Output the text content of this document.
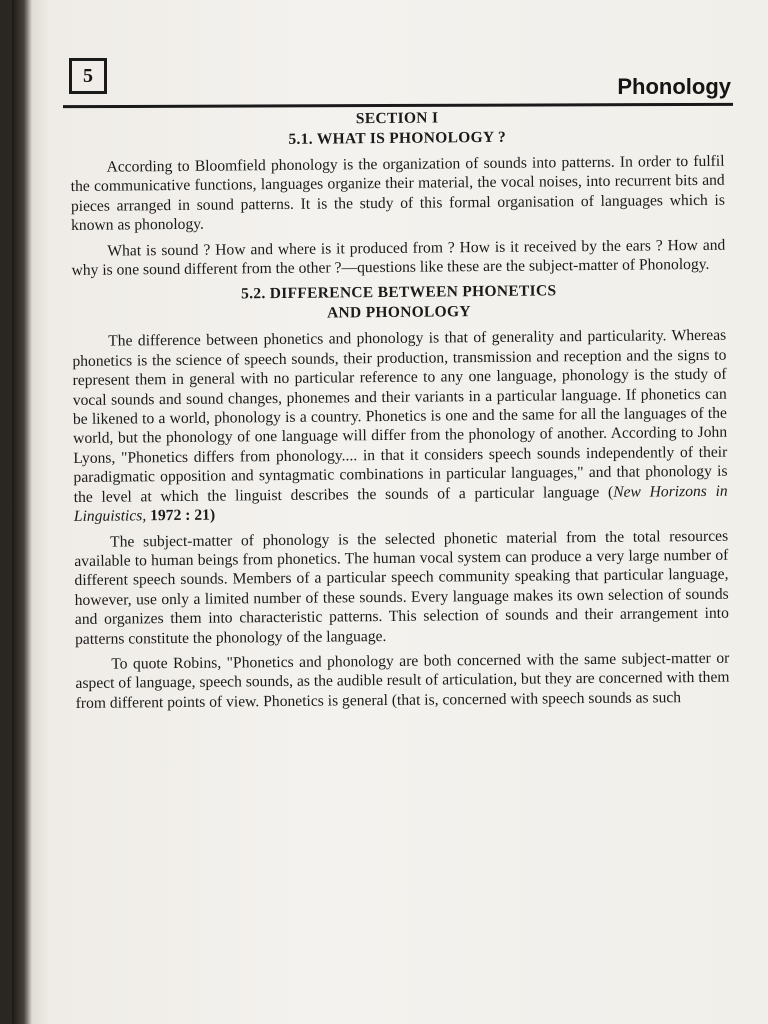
5	Phonology
SECTION I
5.1. WHAT IS PHONOLOGY ?

According to Bloomfield phonology is the organization of sounds into patterns. In order to fulfil the communicative functions, languages organize their material, the vocal noises, into recurrent bits and pieces arranged in sound patterns. It is the study of this formal organisation of languages which is known as phonology.

What is sound ? How and where is it produced from ? How is it received by the ears ? How and why is one sound different from the other ?—questions like these are the subject-matter of Phonology.

5.2. DIFFERENCE BETWEEN PHONETICS
AND PHONOLOGY

The difference between phonetics and phonology is that of generality and particularity. Whereas phonetics is the science of speech sounds, their production, transmission and reception and the signs to represent them in general with no particular reference to any one language, phonology is the study of vocal sounds and sound changes, phonemes and their variants in a particular language. If phonetics can be likened to a world, phonology is a country. Phonetics is one and the same for all the languages of the world, but the phonology of one language will differ from the phonology of another. According to John Lyons, "Phonetics differs from phonology.... in that it considers speech sounds independently of their paradigmatic opposition and syntagmatic combinations in particular languages," and that phonology is the level at which the linguist describes the sounds of a particular language (New Horizons in Linguistics, 1972 : 21)

The subject-matter of phonology is the selected phonetic material from the total resources available to human beings from phonetics. The human vocal system can produce a very large number of different speech sounds. Members of a particular speech community speaking that particular language, however, use only a limited number of these sounds. Every language makes its own selection of sounds and organizes them into characteristic patterns. This selection of sounds and their arrangement into patterns constitute the phonology of the language.

To quote Robins, "Phonetics and phonology are both concerned with the same subject-matter or aspect of language, speech sounds, as the audible result of articulation, but they are concerned with them from different points of view. Phonetics is general (that is, concerned with speech sounds as such
